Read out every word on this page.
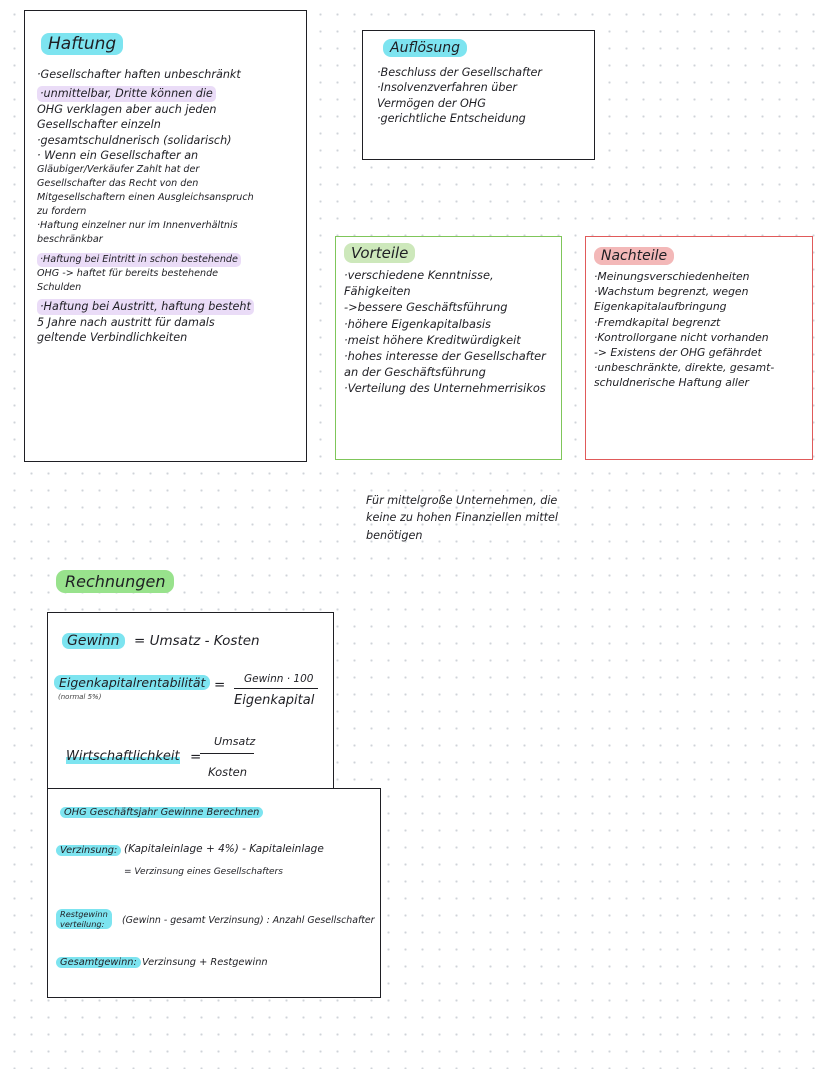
Haftung
·Gesellschafter haften unbeschränkt
·unmittelbar, Dritte können die
OHG verklagen aber auch jeden
Gesellschafter einzeln
·gesamtschuldnerisch (solidarisch)
· Wenn ein Gesellschafter an
Gläubiger/Verkäufer Zahlt hat der
Gesellschafter das Recht von den
Mitgesellschaftern einen Ausgleichsanspruch
zu fordern
·Haftung einzelner nur im Innenverhältnis
beschränkbar
·Haftung bei Eintritt in schon bestehende
OHG -> haftet für bereits bestehende
Schulden
·Haftung bei Austritt, haftung besteht
5 Jahre nach austritt für damals
geltende Verbindlichkeiten
Auflösung
·Beschluss der Gesellschafter
·Insolvenzverfahren über
Vermögen der OHG
·gerichtliche Entscheidung
Vorteile
·verschiedene Kenntnisse,
Fähigkeiten
->bessere Geschäftsführung
·höhere Eigenkapitalbasis
·meist höhere Kreditwürdigkeit
·hohes interesse der Gesellschafter
an der Geschäftsführung
·Verteilung des Unternehmerrisikos
Nachteile
·Meinungsverschiedenheiten
·Wachstum begrenzt, wegen
Eigenkapitalaufbringung
·Fremdkapital begrenzt
·Kontrollorgane nicht vorhanden
-> Existens der OHG gefährdet
·unbeschränkte, direkte, gesamt-
schuldnerische Haftung aller
Für mittelgroße Unternehmen, die
keine zu hohen Finanziellen mittel
benötigen
Rechnungen
Gewinn	= Umsatz - Kosten
Eigenkapitalrentabilität
(normal 5%)
= Gewinn · 100
Eigenkapital
Wirtschaftlichkeit =
Umsatz
Kosten
OHG Geschäftsjahr Gewinne Berechnen
Verzinsung: (Kapitaleinlage + 4%) - Kapitaleinlage
= Verzinsung eines Gesellschafters
Restgewinn
verteilung:	(Gewinn - gesamt Verzinsung) : Anzahl Gesellschafter
Gesamtgewinn: Verzinsung + Restgewinn
